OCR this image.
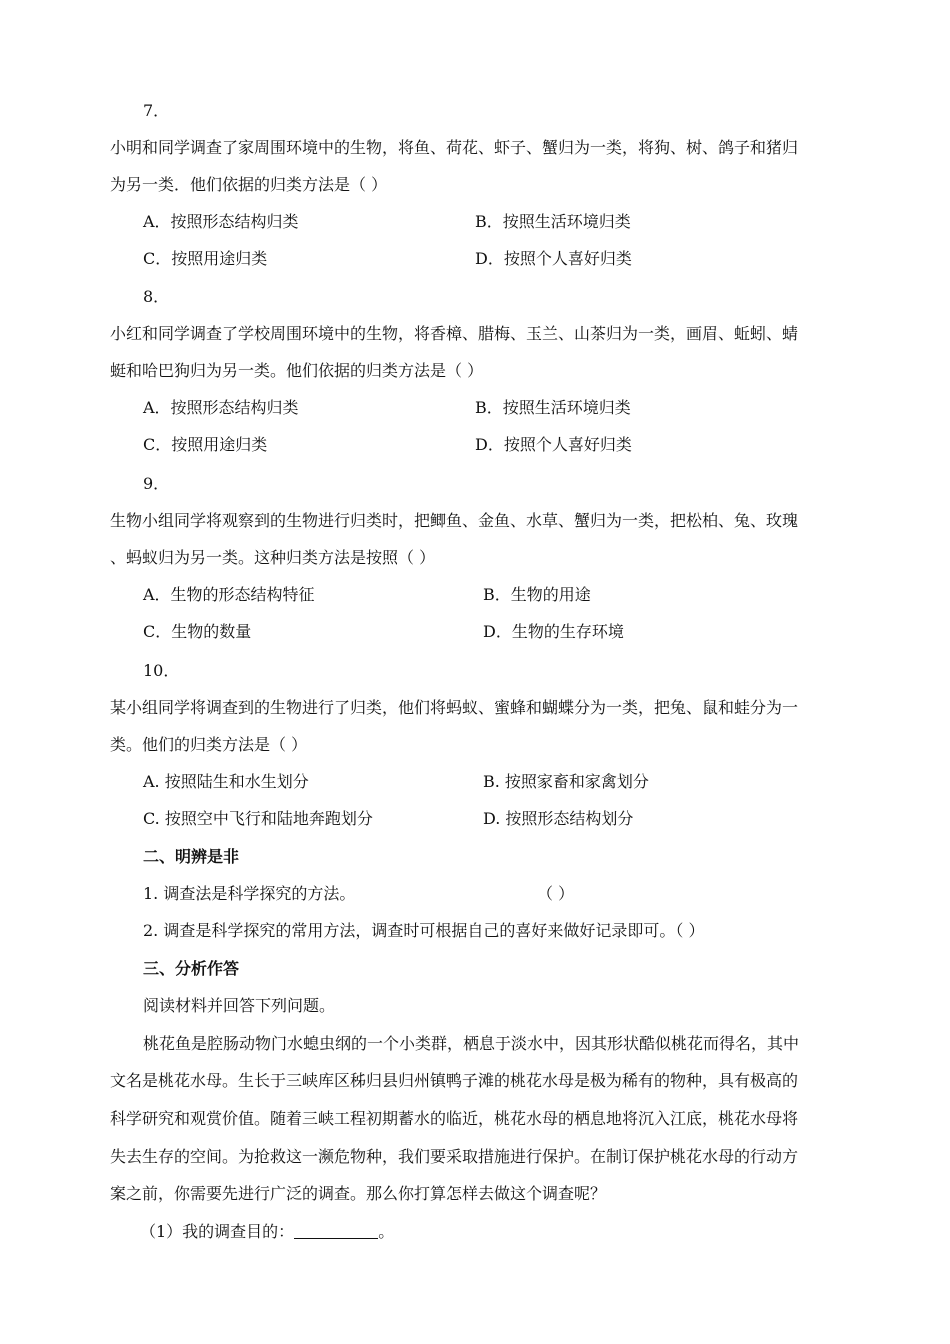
7．
小明和同学调查了家周围环境中的生物，将鱼、荷花、虾子、蟹归为一类，将狗、树、鸽子和猪归
为另一类．他们依据的归类方法是（ ）
A．按照形态结构归类	B．按照生活环境归类
C．按照用途归类	D．按照个人喜好归类
8．
小红和同学调查了学校周围环境中的生物，将香樟、腊梅、玉兰、山茶归为一类，画眉、蚯蚓、蜻
蜓和哈巴狗归为另一类。他们依据的归类方法是（ ）
A．按照形态结构归类	B．按照生活环境归类
C．按照用途归类	D．按照个人喜好归类
9．
生物小组同学将观察到的生物进行归类时，把鲫鱼、金鱼、水草、蟹归为一类，把松柏、兔、玫瑰
、蚂蚁归为另一类。这种归类方法是按照（ ）
A．生物的形态结构特征	B．生物的用途
C．生物的数量	D．生物的生存环境
10．
某小组同学将调查到的生物进行了归类，他们将蚂蚁、蜜蜂和蝴蝶分为一类，把兔、鼠和蛙分为一
类。他们的归类方法是（ ）
A. 按照陆生和水生划分	B. 按照家畜和家禽划分
C. 按照空中飞行和陆地奔跑划分	D. 按照形态结构划分
二、明辨是非
1. 调查法是科学探究的方法。	（ ）
2. 调查是科学探究的常用方法，调查时可根据自己的喜好来做好记录即可。（ ）
三、分析作答
阅读材料并回答下列问题。
桃花鱼是腔肠动物门水螅虫纲的一个小类群，栖息于淡水中，因其形状酷似桃花而得名，其中
文名是桃花水母。生长于三峡库区秭归县归州镇鸭子滩的桃花水母是极为稀有的物种，具有极高的
科学研究和观赏价值。随着三峡工程初期蓄水的临近，桃花水母的栖息地将沉入江底，桃花水母将
失去生存的空间。为抢救这一濒危物种，我们要采取措施进行保护。在制订保护桃花水母的行动方
案之前，你需要先进行广泛的调查。那么你打算怎样去做这个调查呢？
（1）我的调查目的：	。
